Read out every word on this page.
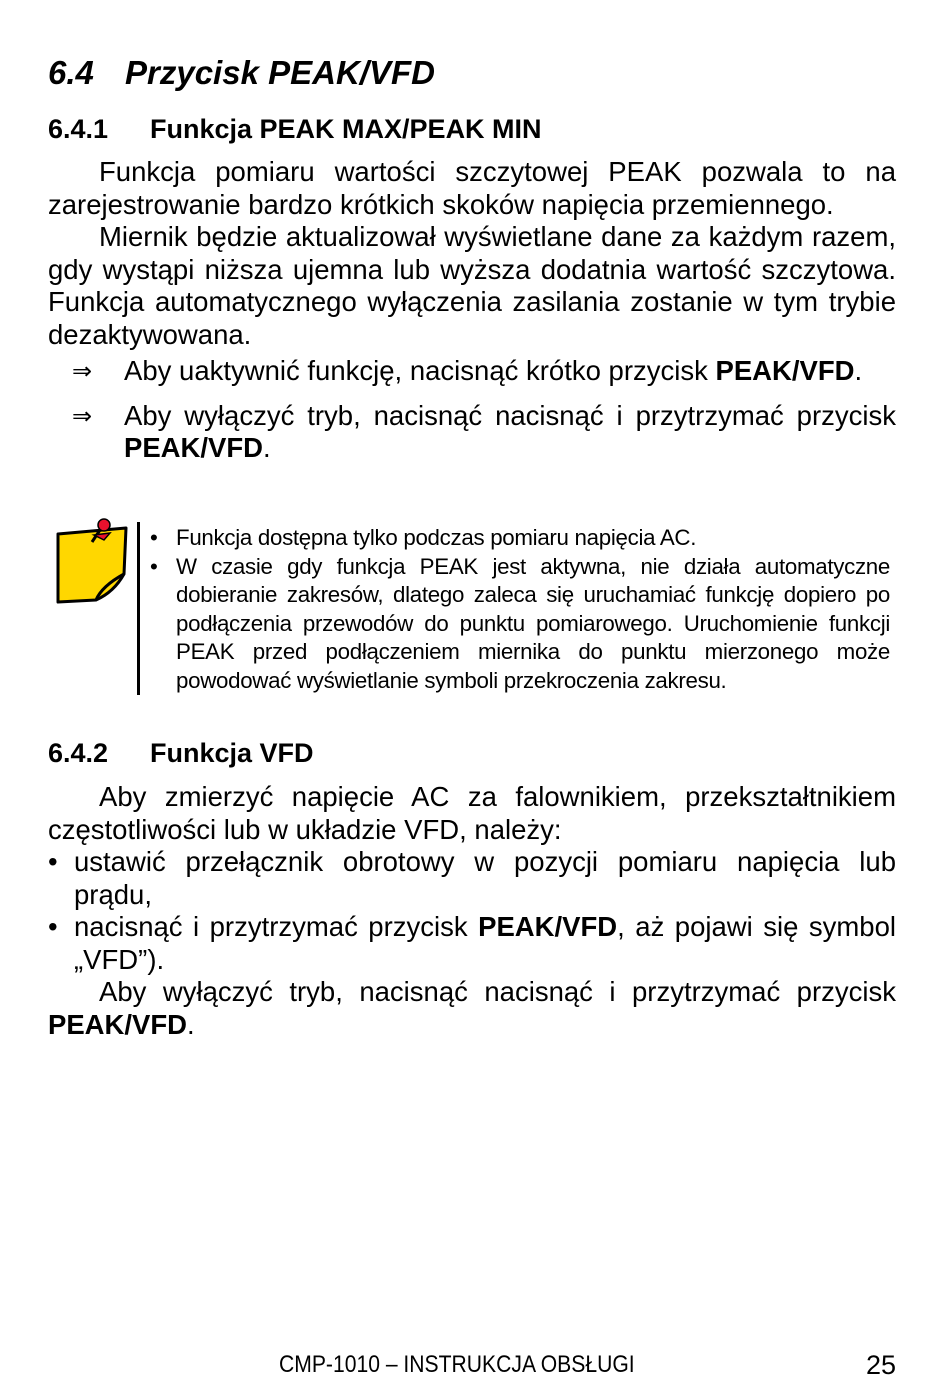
6.4 Przycisk PEAK/VFD
6.4.1 Funkcja PEAK MAX/PEAK MIN

Funkcja pomiaru wartości szczytowej PEAK pozwala to na zarejestrowanie bardzo krótkich skoków napięcia przemiennego.

Miernik będzie aktualizował wyświetlane dane za każdym razem, gdy wystąpi niższa ujemna lub wyższa dodatnia wartość szczytowa. Funkcja automatycznego wyłączenia zasilania zostanie w tym trybie dezaktywowana.

⇒ Aby uaktywnić funkcję, nacisnąć krótko przycisk PEAK/VFD.
⇒ Aby wyłączyć tryb, nacisnąć nacisnąć i przytrzymać przycisk PEAK/VFD.
• Funkcja dostępna tylko podczas pomiaru napięcia AC.
• W czasie gdy funkcja PEAK jest aktywna, nie działa automatyczne dobieranie zakresów, dlatego zaleca się uruchamiać funkcję dopiero po podłączenia przewodów do punktu pomiarowego. Uruchomienie funkcji PEAK przed podłączeniem miernika do punktu mierzonego może powodować wyświetlanie symboli przekroczenia zakresu.
6.4.2 Funkcja VFD

Aby zmierzyć napięcie AC za falownikiem, przekształtnikiem częstotliwości lub w układzie VFD, należy:

• ustawić przełącznik obrotowy w pozycji pomiaru napięcia lub prądu,
• nacisnąć i przytrzymać przycisk PEAK/VFD, aż pojawi się symbol „VFD”).

Aby wyłączyć tryb, nacisnąć nacisnąć i przytrzymać przycisk PEAK/VFD.

CMP-1010 – INSTRUKCJA OBSŁUGI	25
